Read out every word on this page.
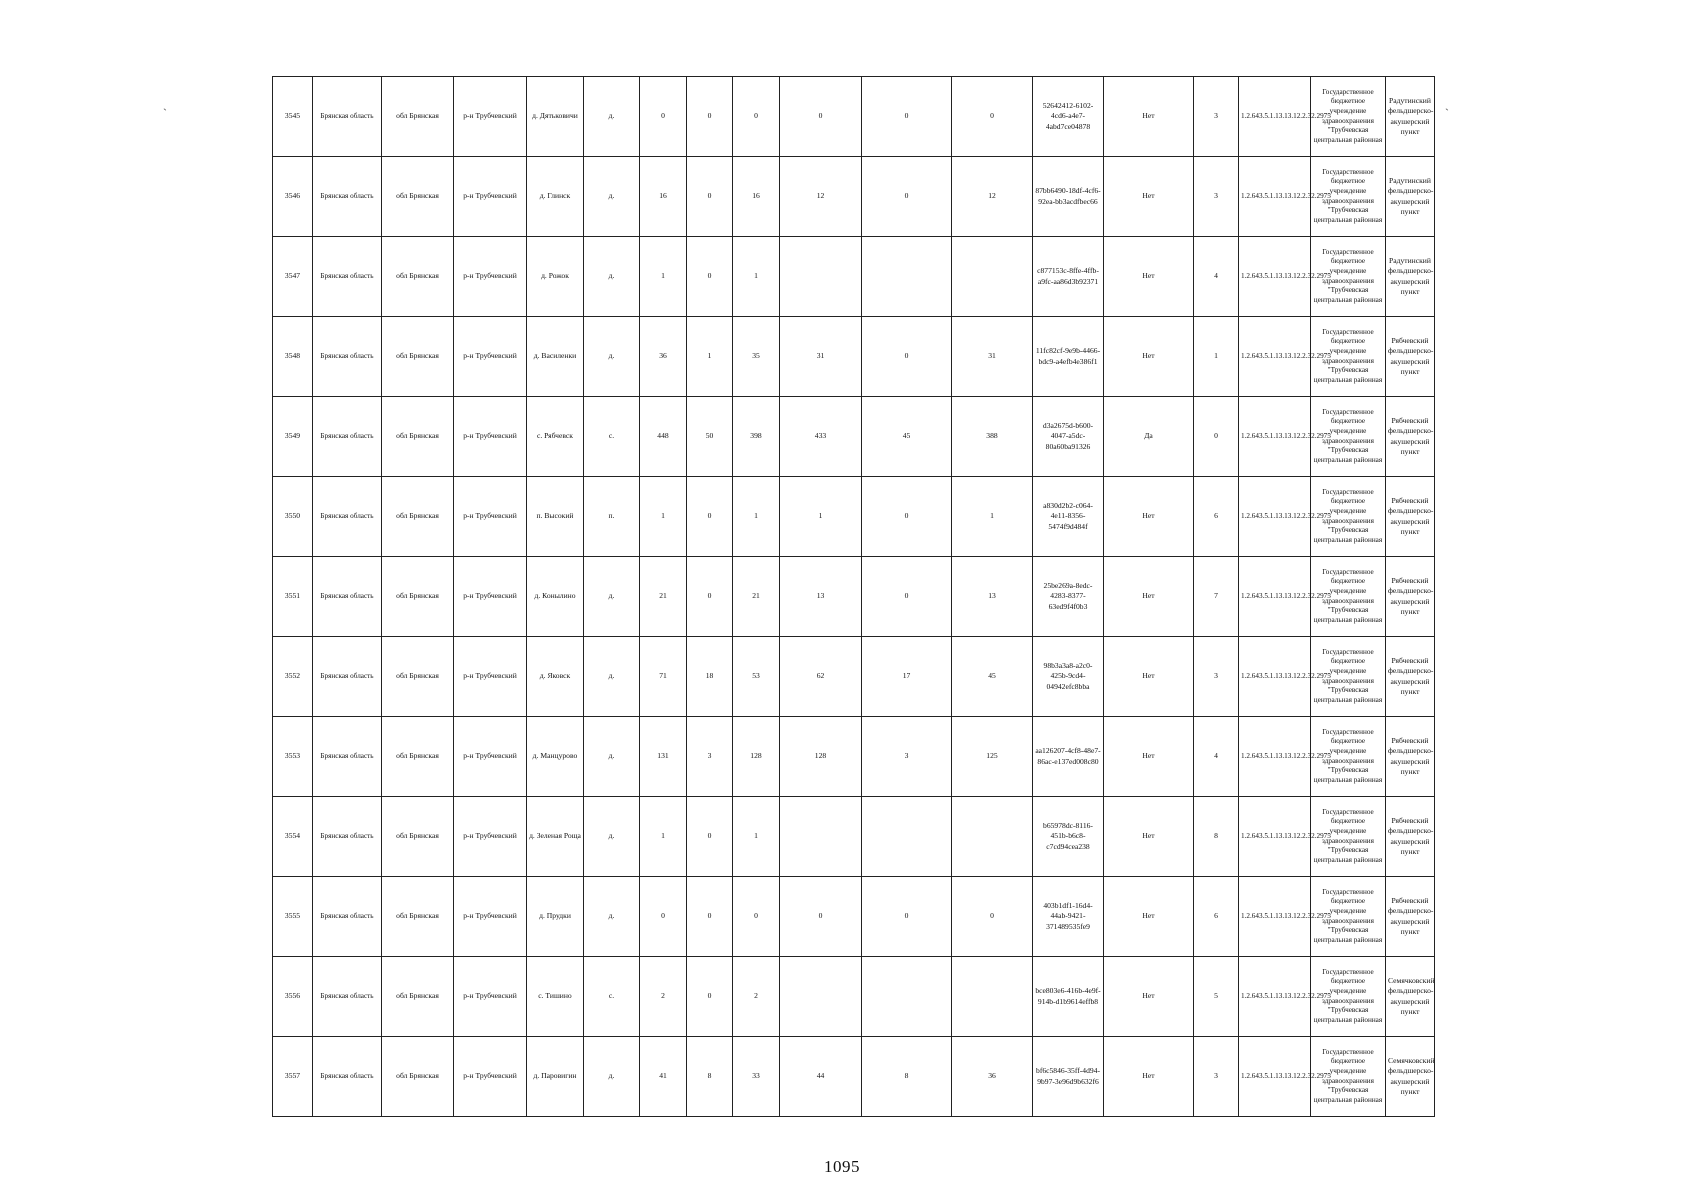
`	`
3545	Брянская область	обл Брянская	р-н Трубчевский	д. Дятьковичи	д.	0	0	0	0	0	0	52642412-6102-4cd6-a4e7-4abd7ce04878	Нет	3	1.2.643.5.1.13.13.12.2.32.2975	Государственное бюджетное учреждение здравоохранения "Трубчевская центральная районная	Радутинский фельдшерско-акушерский пункт
3546	Брянская область	обл Брянская	р-н Трубчевский	д. Глинск	д.	16	0	16	12	0	12	87bb6490-18df-4cf6-92ea-bb3acdfbec66	Нет	3	1.2.643.5.1.13.13.12.2.32.2975	Государственное бюджетное учреждение здравоохранения "Трубчевская центральная районная	Радутинский фельдшерско-акушерский пункт
3547	Брянская область	обл Брянская	р-н Трубчевский	д. Рожок	д.	1	0	1				c877153c-8ffe-4ffb-a9fc-aa86d3b92371	Нет	4	1.2.643.5.1.13.13.12.2.32.2975	Государственное бюджетное учреждение здравоохранения "Трубчевская центральная районная	Радутинский фельдшерско-акушерский пункт
3548	Брянская область	обл Брянская	р-н Трубчевский	д. Василенки	д.	36	1	35	31	0	31	11fc82cf-9e9b-4466-bdc9-a4efb4e386f1	Нет	1	1.2.643.5.1.13.13.12.2.32.2975	Государственное бюджетное учреждение здравоохранения "Трубчевская центральная районная	Рябчевский фельдшерско-акушерский пункт
3549	Брянская область	обл Брянская	р-н Трубчевский	с. Рябчевск	с.	448	50	398	433	45	388	d3a2675d-b600-4047-a5dc-80a60ba91326	Да	0	1.2.643.5.1.13.13.12.2.32.2975	Государственное бюджетное учреждение здравоохранения "Трубчевская центральная районная	Рябчевский фельдшерско-акушерский пункт
3550	Брянская область	обл Брянская	р-н Трубчевский	п. Высокий	п.	1	0	1	1	0	1	a830d2b2-c064-4e11-8356-5474f9d484f	Нет	6	1.2.643.5.1.13.13.12.2.32.2975	Государственное бюджетное учреждение здравоохранения "Трубчевская центральная районная	Рябчевский фельдшерско-акушерский пункт
3551	Брянская область	обл Брянская	р-н Трубчевский	д. Конылино	д.	21	0	21	13	0	13	25be269a-8edc-4283-8377-63ed9f4f0b3	Нет	7	1.2.643.5.1.13.13.12.2.32.2975	Государственное бюджетное учреждение здравоохранения "Трубчевская центральная районная	Рябчевский фельдшерско-акушерский пункт
3552	Брянская область	обл Брянская	р-н Трубчевский	д. Яковск	д.	71	18	53	62	17	45	98b3a3a8-a2c0-425b-9cd4-04942efc8bba	Нет	3	1.2.643.5.1.13.13.12.2.32.2975	Государственное бюджетное учреждение здравоохранения "Трубчевская центральная районная	Рябчевский фельдшерско-акушерский пункт
3553	Брянская область	обл Брянская	р-н Трубчевский	д. Манцурово	д.	131	3	128	128	3	125	aa126207-4cf8-48e7-86ac-e137ed008c80	Нет	4	1.2.643.5.1.13.13.12.2.32.2975	Государственное бюджетное учреждение здравоохранения "Трубчевская центральная районная	Рябчевский фельдшерско-акушерский пункт
3554	Брянская область	обл Брянская	р-н Трубчевский	д. Зеленая Роща	д.	1	0	1				b65978dc-8116-451b-b6c8-c7cd94cea238	Нет	8	1.2.643.5.1.13.13.12.2.32.2975	Государственное бюджетное учреждение здравоохранения "Трубчевская центральная районная	Рябчевский фельдшерско-акушерский пункт
3555	Брянская область	обл Брянская	р-н Трубчевский	д. Прудки	д.	0	0	0	0	0	0	403b1df1-16d4-44ab-9421-371489535fe9	Нет	6	1.2.643.5.1.13.13.12.2.32.2975	Государственное бюджетное учреждение здравоохранения "Трубчевская центральная районная	Рябчевский фельдшерско-акушерский пункт
3556	Брянская область	обл Брянская	р-н Трубчевский	с. Тишино	с.	2	0	2				bce803e6-416b-4e9f-914b-d1b9614effb8	Нет	5	1.2.643.5.1.13.13.12.2.32.2975	Государственное бюджетное учреждение здравоохранения "Трубчевская центральная районная	Семячковский фельдшерско-акушерский пункт
3557	Брянская область	обл Брянская	р-н Трубчевский	д. Паровигин	д.	41	8	33	44	8	36	bf6c5846-35ff-4d94-9b97-3e96d9b632f6	Нет	3	1.2.643.5.1.13.13.12.2.32.2975	Государственное бюджетное учреждение здравоохранения "Трубчевская центральная районная	Семячковский фельдшерско-акушерский пункт
1095
